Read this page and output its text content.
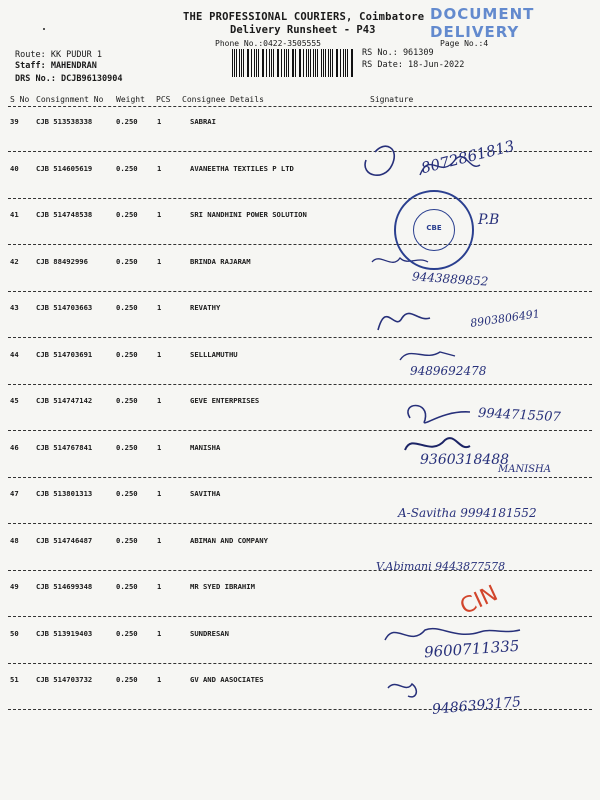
DOCUMENT DELIVERY
THE PROFESSIONAL COURIERS, Coimbatore
Delivery Runsheet - P43
Phone No.:0422-3505555	Page No.:4
Route: KK PUDUR 1
Staff: MAHENDRAN
DRS No.: DCJB96130904
RS No.: 961309
RS Date: 18-Jun-2022
S No Consignment No Weight PCS Consignee Details	Signature
39 CJB 513538338	0.250	1	SABRAI
40 CJB 514605619	0.250	1	AVANEETHA TEXTILES P LTD
41 CJB 514748538	0.250	1	SRI NANDHINI POWER SOLUTION
42 CJB 88492996	0.250	1	BRINDA RAJARAM
43 CJB 514703663	0.250	1	REVATHY
44 CJB 514703691	0.250	1	SELLLAMUTHU
45 CJB 514747142	0.250	1	GEVE ENTERPRISES
46 CJB 514767841	0.250	1	MANISHA
47 CJB 513801313	0.250	1	SAVITHA
48 CJB 514746487	0.250	1	ABIMAN AND COMPANY
49 CJB 514699348	0.250	1	MR SYED IBRAHIM
50 CJB 513919403	0.250	1	SUNDRESAN
51 CJB 514703732	0.250	1	GV AND AASOCIATES
8072861813
CBE	P.B
9443889852
8903806491
9489692478
9944715507
9360318488
MANISHA
A-Savitha 9994181552
V.Abimani 9443877578
CIN
9600711335
9486393175
